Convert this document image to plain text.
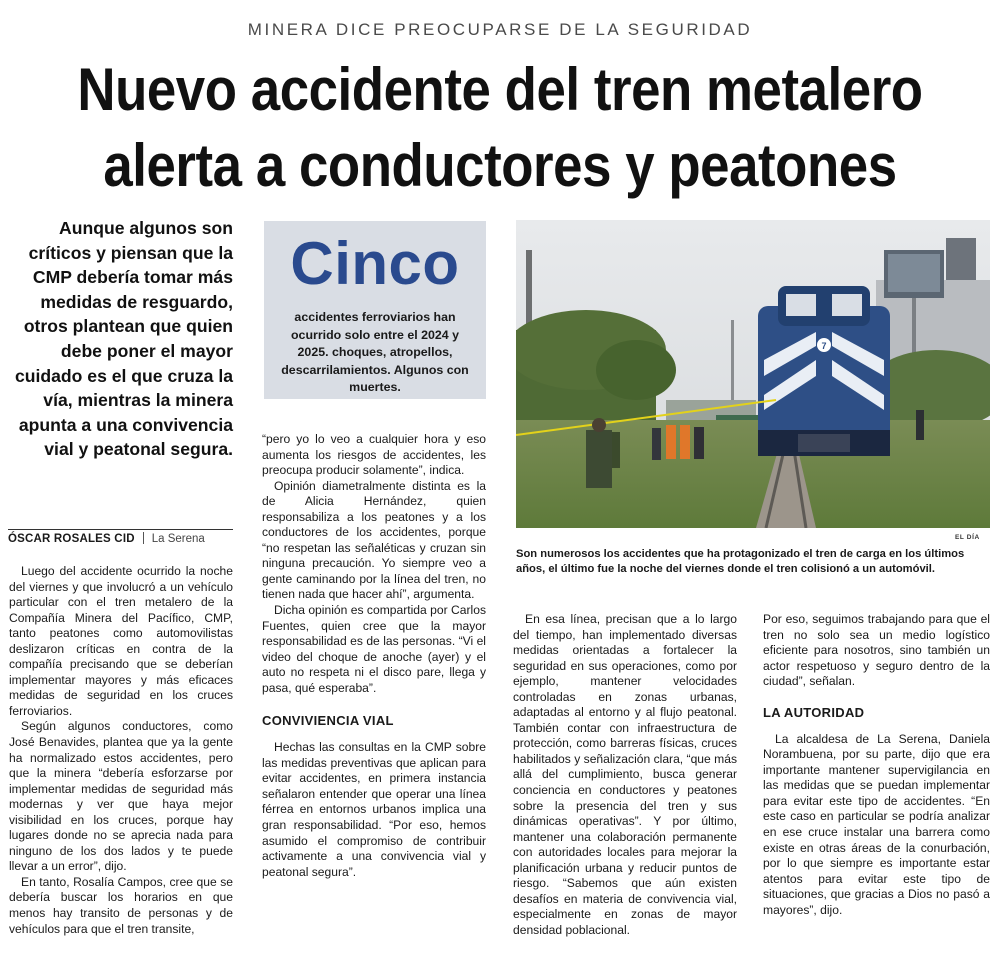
MINERA DICE PREOCUPARSE DE LA SEGURIDAD
Nuevo accidente del tren metalero
alerta a conductores y peatones
Aunque algunos son críticos y piensan que la CMP debería tomar más medidas de resguardo, otros plantean que quien debe poner el mayor cuidado es el que cruza la vía, mientras la minera apunta a una convivencia vial y peatonal segura.
ÓSCAR ROSALES CID La Serena
Cinco
accidentes ferroviarios han ocurrido solo entre el 2024 y 2025. choques, atropellos, descarrilamientos. Algunos con muertes.
7
EL DÍA
Son numerosos los accidentes que ha protagonizado el tren de carga en los últimos años, el último fue la noche del viernes donde el tren colisionó a un automóvil.

Luego del accidente ocurrido la noche del viernes y que involucró a un vehículo particular con el tren metalero de la Compañía Minera del Pacífico, CMP, tanto peatones como automovilistas deslizaron críticas en contra de la compañía precisando que se deberían implementar mayores y más eficaces medidas de seguridad en los cruces ferroviarios.

Según algunos conductores, como José Benavides, plantea que ya la gente ha normalizado estos accidentes, pero que la minera “debería esforzarse por implementar medidas de seguridad más modernas y ver que haya mejor visibilidad en los cruces, porque hay lugares donde no se aprecia nada para ninguno de los dos lados y te puede llevar a un error”, dijo.

En tanto, Rosalía Campos, cree que se debería buscar los horarios en que menos hay transito de personas y de vehículos para que el tren transite,

“pero yo lo veo a cualquier hora y eso aumenta los riesgos de accidentes, les preocupa producir solamente”, indica.

Opinión diametralmente distinta es la de Alicia Hernández, quien responsabiliza a los peatones y a los conductores de los accidentes, porque “no respetan las señaléticas y cruzan sin ninguna precaución. Yo siempre veo a gente caminando por la línea del tren, no tienen nada que hacer ahí”, argumenta.

Dicha opinión es compartida por Carlos Fuentes, quien cree que la mayor responsabilidad es de las personas. “Vi el video del choque de anoche (ayer) y el auto no respeta ni el disco pare, llega y pasa, qué esperaba”.

CONVIVIENCIA VIAL

Hechas las consultas en la CMP sobre las medidas preventivas que aplican para evitar accidentes, en primera instancia señalaron entender que operar una línea férrea en entornos urbanos implica una gran responsabilidad. “Por eso, hemos asumido el compromiso de contribuir activamente a una convivencia vial y peatonal segura”.

En esa línea, precisan que a lo largo del tiempo, han implementado diversas medidas orientadas a fortalecer la seguridad en sus operaciones, como por ejemplo, mantener velocidades controladas en zonas urbanas, adaptadas al entorno y al flujo peatonal. También contar con infraestructura de protección, como barreras físicas, cruces habilitados y señalización clara, “que más allá del cumplimiento, busca generar conciencia en conductores y peatones sobre la presencia del tren y sus dinámicas operativas”. Y por último, mantener una colaboración permanente con autoridades locales para mejorar la planificación urbana y reducir puntos de riesgo. “Sabemos que aún existen desafíos en materia de convivencia vial, especialmente en zonas de mayor densidad poblacional.

Por eso, seguimos trabajando para que el tren no solo sea un medio logístico eficiente para nosotros, sino también un actor respetuoso y seguro dentro de la ciudad”, señalan.

LA AUTORIDAD

La alcaldesa de La Serena, Daniela Norambuena, por su parte, dijo que era importante mantener supervigilancia en las medidas que se puedan implementar para evitar este tipo de accidentes. “En este caso en particular se podría analizar en ese cruce instalar una barrera como existe en otras áreas de la conurbación, por lo que siempre es importante estar atentos para evitar este tipo de situaciones, que gracias a Dios no pasó a mayores”, dijo.
